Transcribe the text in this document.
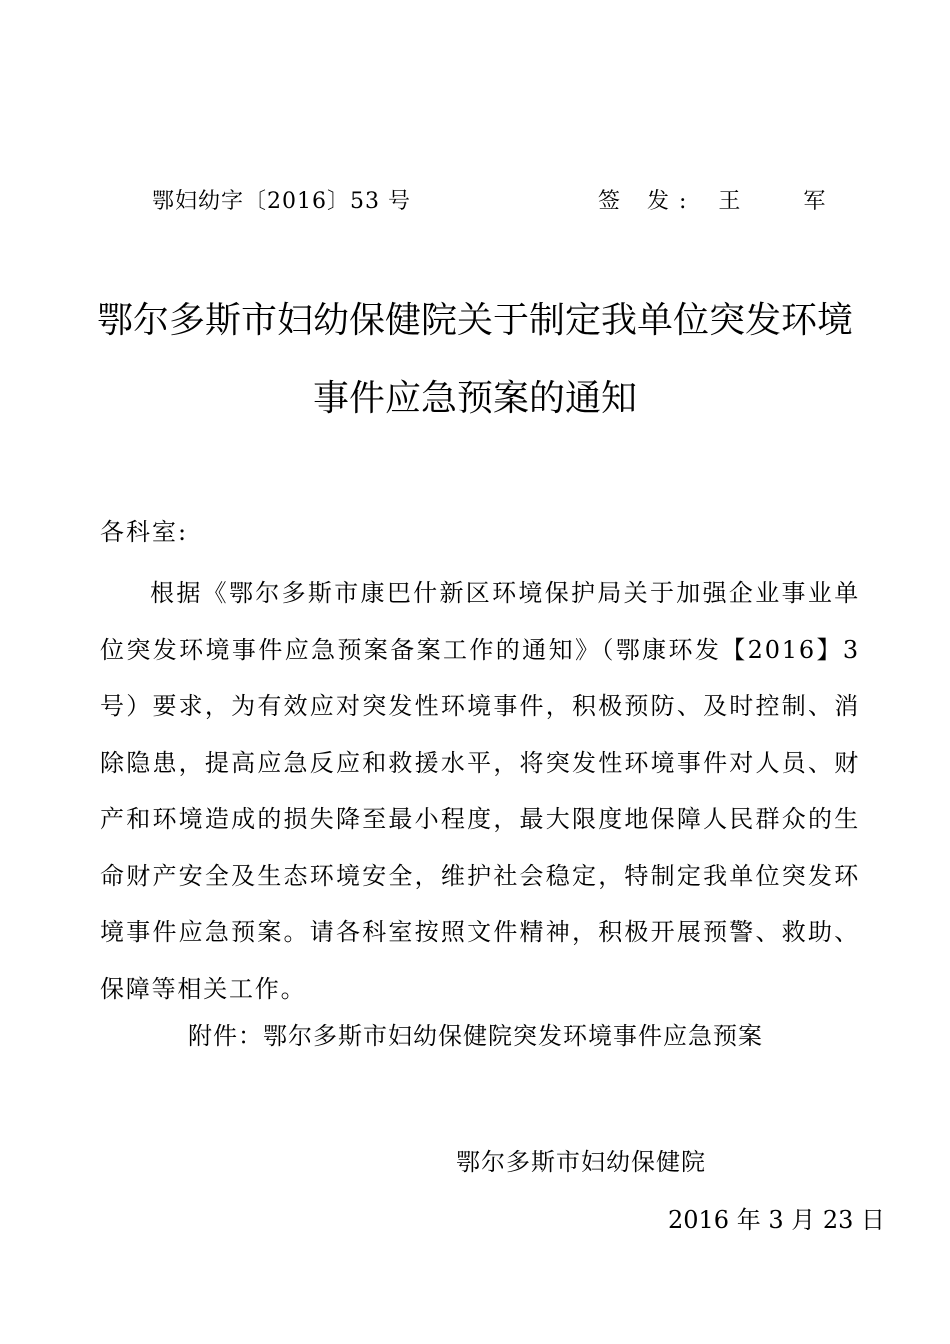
鄂妇幼字〔2016〕53 号	签 发: 王 军
鄂尔多斯市妇幼保健院关于制定我单位突发环境
事件应急预案的通知
各科室:
根据《鄂尔多斯市康巴什新区环境保护局关于加强企业事业单位突发环境事件应急预案备案工作的通知》（鄂康环发【2016】3号）要求，为有效应对突发性环境事件，积极预防、及时控制、消除隐患，提高应急反应和救援水平，将突发性环境事件对人员、财产和环境造成的损失降至最小程度，最大限度地保障人民群众的生命财产安全及生态环境安全，维护社会稳定，特制定我单位突发环境事件应急预案。请各科室按照文件精神，积极开展预警、救助、保障等相关工作。
附件：鄂尔多斯市妇幼保健院突发环境事件应急预案
鄂尔多斯市妇幼保健院
2016 年 3 月 23 日
